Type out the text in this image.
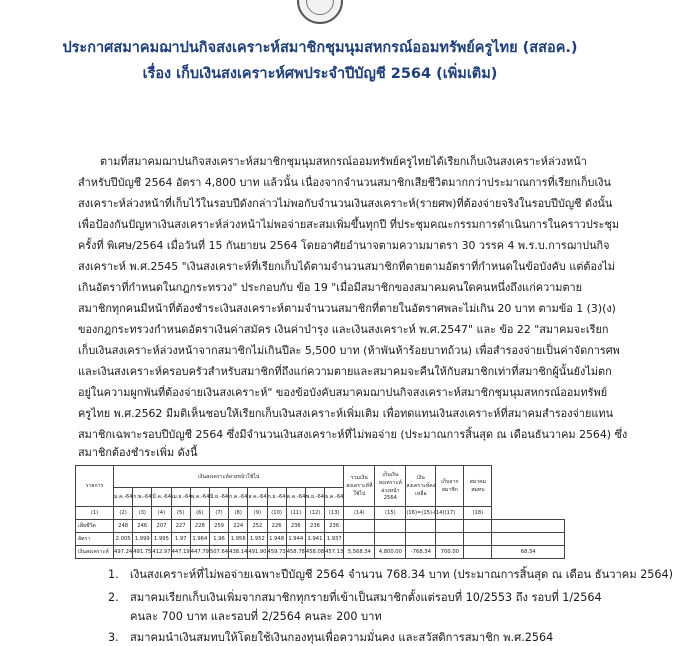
ประกาศสมาคมฌาปนกิจสงเคราะห์สมาชิกชุมนุมสหกรณ์ออมทรัพย์ครูไทย (สสอค.)
เรื่อง เก็บเงินสงเคราะห์ศพประจำปีบัญชี 2564 (เพิ่มเติม)
ตามที่สมาคมฌาปนกิจสงเคราะห์สมาชิกชุมนุมสหกรณ์ออมทรัพย์ครูไทยได้เรียกเก็บเงินสงเคราะห์ล่วงหน้า
สำหรับปีบัญชี 2564 อัตรา 4,800 บาท แล้วนั้น เนื่องจากจำนวนสมาชิกเสียชีวิตมากกว่าประมาณการที่เรียกเก็บเงิน
สงเคราะห์ล่วงหน้าที่เก็บไว้ในรอบปีดังกล่าวไม่พอกับจำนวนเงินสงเคราะห์(รายศพ)ที่ต้องจ่ายจริงในรอบปีบัญชี ดังนั้น
เพื่อป้องกันปัญหาเงินสงเคราะห์ล่วงหน้าไม่พอจ่ายสะสมเพิ่มขึ้นทุกปี ที่ประชุมคณะกรรมการดำเนินการในคราวประชุม
ครั้งที่ พิเศษ/2564 เมื่อวันที่ 15 กันยายน 2564 โดยอาศัยอำนาจตามความมาตรา 30 วรรค 4 พ.ร.บ.การฌาปนกิจ
สงเคราะห์ พ.ศ.2545 "เงินสงเคราะห์ที่เรียกเก็บได้ตามจำนวนสมาชิกที่ตายตามอัตราที่กำหนดในข้อบังคับ แต่ต้องไม่
เกินอัตราที่กำหนดในกฎกระทรวง" ประกอบกับ ข้อ 19 "เมื่อมีสมาชิกของสมาคมคนใดคนหนึ่งถึงแก่ความตาย
สมาชิกทุกคนมีหน้าที่ต้องชำระเงินสงเคราะห์ตามจำนวนสมาชิกที่ตายในอัตราศพละไม่เกิน 20 บาท ตามข้อ 1 (3)(ง)
ของกฎกระทรวงกำหนดอัตราเงินค่าสมัคร เงินค่าบำรุง และเงินสงเคราะห์ พ.ศ.2547" และ ข้อ 22 "สมาคมจะเรียก
เก็บเงินสงเคราะห์ล่วงหน้าจากสมาชิกไม่เกินปีละ 5,500 บาท (ห้าพันห้าร้อยบาทถ้วน) เพื่อสำรองจ่ายเป็นค่าจัดการศพ
และเงินสงเคราะห์ครอบครัวสำหรับสมาชิกที่ถึงแก่ความตายและสมาคมจะคืนให้กับสมาชิกเท่าที่สมาชิกผู้นั้นยังไม่ตก
อยู่ในความผูกพันที่ต้องจ่ายเงินสงเคราะห์" ของข้อบังคับสมาคมฌาปนกิจสงเคราะห์สมาชิกชุมนุมสหกรณ์ออมทรัพย์
ครูไทย พ.ศ.2562 มีมติเห็นชอบให้เรียกเก็บเงินสงเคราะห์เพิ่มเติม เพื่อทดแทนเงินสงเคราะห์ที่สมาคมสำรองจ่ายแทน
สมาชิกเฉพาะรอบปีบัญชี 2564 ซึ่งมีจำนวนเงินสงเคราะห์ที่ไม่พอจ่าย (ประมาณการสิ้นสุด ณ เดือนธันวาคม 2564) ซึ่ง
สมาชิกต้องชำระเพิ่ม ดังนี้
รายการ	เงินสงเคราะห์ล่วงหน้าใช้ไป												รวมเงินสงเคราะห์ที่ใช้ไป	เก็บเงินสงเคราะห์ล่วงหน้า 2564	เงินสงเคราะห์คงเหลือ	เก็บจากสมาชิก	สมาคมสมทบ	
	ม.ค.-64	ก.พ.-64	มี.ค.-64	เม.ย.-64	พ.ค.-64	มิ.ย.-64	ก.ค.-64	ส.ค.-64	ก.ย.-64	ต.ค.-64	พ.ย.-64	ธ.ค.-64						
(1)	(2)	(3)	(4)	(5)	(6)	(7)	(8)	(9)	(10)	(11)	(12)	(13)	(14)	(15)	(16)=(15)-(14)	(17)	(18)	
เสียชีวิต	248	246	207	227	228	259	224	252	226	236	236	236						
อัตรา	2.005	1.999	1.995	1.97	1.964	1.96	1.956	1.952	1.948	1.944	1.941	1.937						
เงินสงเคราะห์	497.24	491.75	412.97	447.19	447.79	507.64	438.14	491.90	459.73	458.78	458.08	457.13	5,568.34	4,800.00	-768.34	700.00		68.34
1. เงินสงเคราะห์ที่ไม่พอจ่ายเฉพาะปีบัญชี 2564 จำนวน 768.34 บาท (ประมาณการสิ้นสุด ณ เดือน ธันวาคม 2564)
2. สมาคมเรียกเก็บเงินเพิ่มจากสมาชิกทุกรายที่เข้าเป็นสมาชิกตั้งแต่รอบที่ 10/2553 ถึง รอบที่ 1/2564
คนละ 700 บาท และรอบที่ 2/2564 คนละ 200 บาท
3. สมาคมนำเงินสมทบให้โดยใช้เงินกองทุนเพื่อความมั่นคง และสวัสดิการสมาชิก พ.ศ.2564
